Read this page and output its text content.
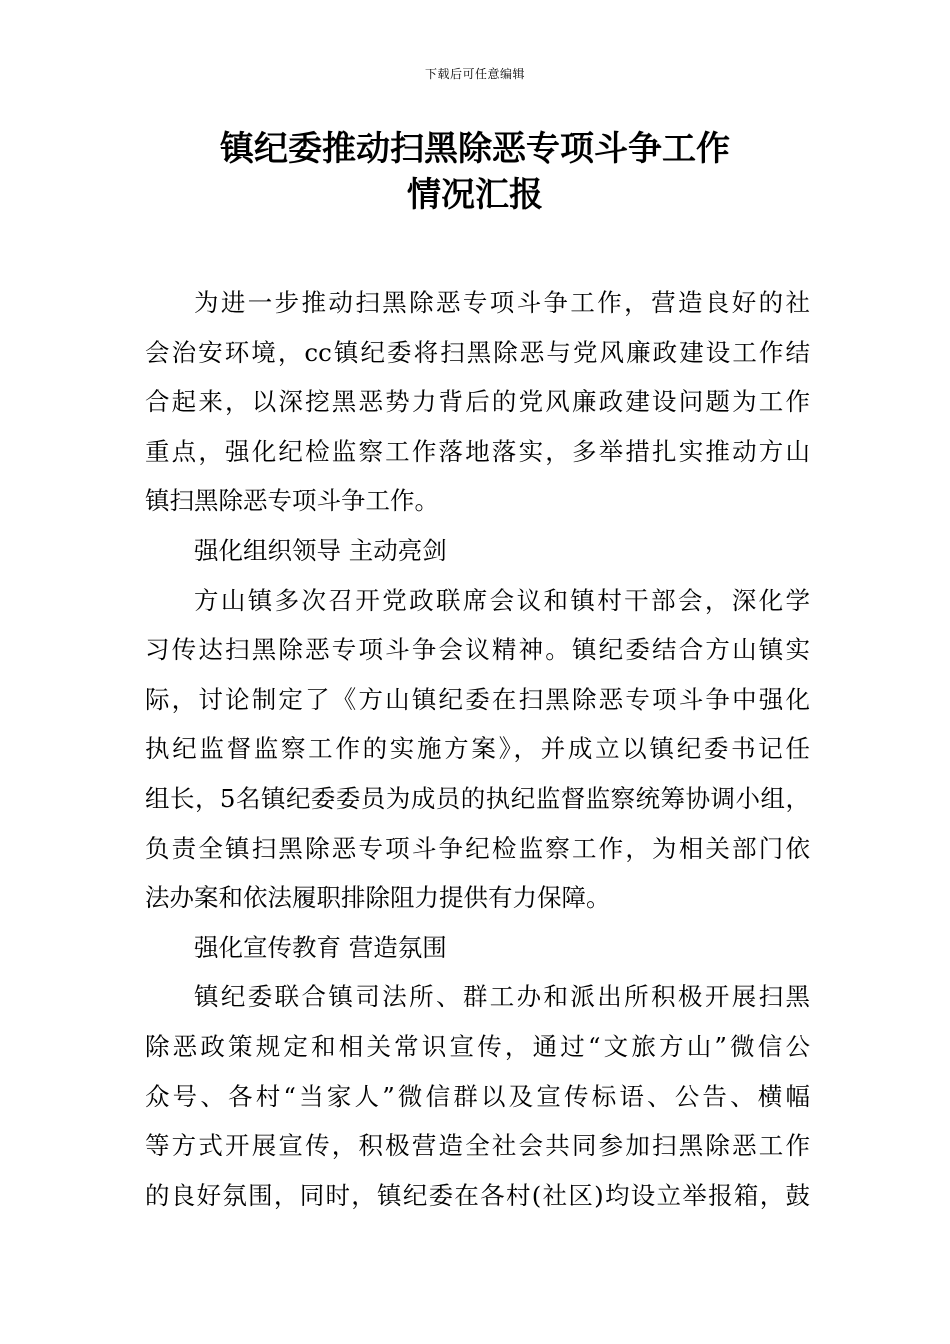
下载后可任意编辑
镇纪委推动扫黑除恶专项斗争工作
情况汇报
为进一步推动扫黑除恶专项斗争工作，营造良好的社
会治安环境，cc镇纪委将扫黑除恶与党风廉政建设工作结
合起来，以深挖黑恶势力背后的党风廉政建设问题为工作
重点，强化纪检监察工作落地落实，多举措扎实推动方山
镇扫黑除恶专项斗争工作。
强化组织领导 主动亮剑
方山镇多次召开党政联席会议和镇村干部会，深化学
习传达扫黑除恶专项斗争会议精神。镇纪委结合方山镇实
际，讨论制定了《方山镇纪委在扫黑除恶专项斗争中强化
执纪监督监察工作的实施方案》，并成立以镇纪委书记任
组长，5名镇纪委委员为成员的执纪监督监察统筹协调小组，
负责全镇扫黑除恶专项斗争纪检监察工作，为相关部门依
法办案和依法履职排除阻力提供有力保障。
强化宣传教育 营造氛围
镇纪委联合镇司法所、群工办和派出所积极开展扫黑
除恶政策规定和相关常识宣传，通过“文旅方山”微信公
众号、各村“当家人”微信群以及宣传标语、公告、横幅
等方式开展宣传，积极营造全社会共同参加扫黑除恶工作
的良好氛围，同时，镇纪委在各村(社区)均设立举报箱，鼓
